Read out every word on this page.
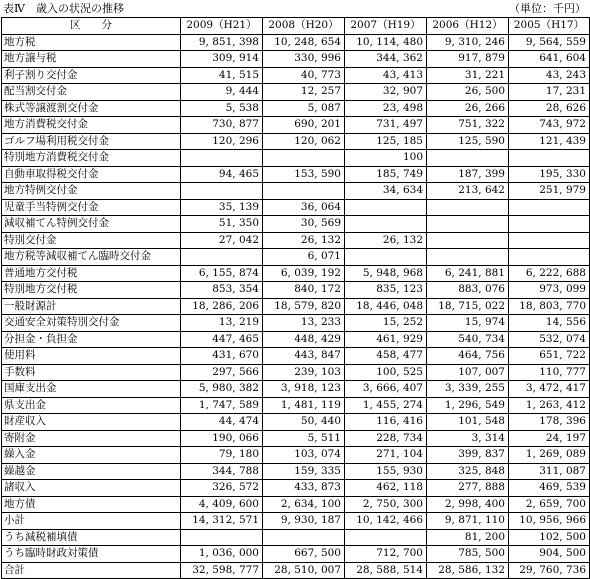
表Ⅳ　歳入の状況の推移	（単位：千円）
区　　分	2009（H21）	2008（H20）	2007（H19）	2006（H12）	2005（H17）
地方税	9, 851, 398	10, 248, 654	10, 114, 480	9, 310, 246	9, 564, 559
地方譲与税	309, 914	330, 996	344, 362	917, 879	641, 604
利子割り交付金	41, 515	40, 773	43, 413	31, 221	43, 243
配当割交付金	9, 444	12, 257	32, 907	26, 500	17, 231
株式等譲渡割交付金	5, 538	5, 087	23, 498	26, 266	28, 626
地方消費税交付金	730, 877	690, 201	731, 497	751, 322	743, 972
ゴルフ場利用税交付金	120, 296	120, 062	125, 185	125, 590	121, 439
特別地方消費税交付金			100		
自動車取得税交付金	94, 465	153, 590	185, 749	187, 399	195, 330
地方特例交付金			34, 634	213, 642	251, 979
児童手当特例交付金	35, 139	36, 064			
減収補てん特例交付金	51, 350	30, 569			
特別交付金	27, 042	26, 132	26, 132		
地方税等減収補てん臨時交付金		6, 071			
普通地方交付税	6, 155, 874	6, 039, 192	5, 948, 968	6, 241, 881	6, 222, 688
特別地方交付税	853, 354	840, 172	835, 123	883, 076	973, 099
一般財源計	18, 286, 206	18, 579, 820	18, 446, 048	18, 715, 022	18, 803, 770
交通安全対策特別交付金	13, 219	13, 233	15, 252	15, 974	14, 556
分担金・負担金	447, 465	448, 429	461, 929	540, 734	532, 074
使用料	431, 670	443, 847	458, 477	464, 756	651, 722
手数料	297, 566	239, 103	100, 525	107, 007	110, 777
国庫支出金	5, 980, 382	3, 918, 123	3, 666, 407	3, 339, 255	3, 472, 417
県支出金	1, 747, 589	1, 481, 119	1, 455, 274	1, 296, 549	1, 263, 412
財産収入	44, 474	50, 440	116, 416	101, 548	178, 396
寄附金	190, 066	5, 511	228, 734	3, 314	24, 197
繰入金	79, 180	103, 074	271, 104	399, 837	1, 269, 089
繰越金	344, 788	159, 335	155, 930	325, 848	311, 087
諸収入	326, 572	433, 873	462, 118	277, 888	469, 539
地方債	4, 409, 600	2, 634, 100	2, 750, 300	2, 998, 400	2, 659, 700
小計	14, 312, 571	9, 930, 187	10, 142, 466	9, 871, 110	10, 956, 966
うち減税補填債				81, 200	102, 500
うち臨時財政対策債	1, 036, 000	667, 500	712, 700	785, 500	904, 500
合計	32, 598, 777	28, 510, 007	28, 588, 514	28, 586, 132	29, 760, 736
